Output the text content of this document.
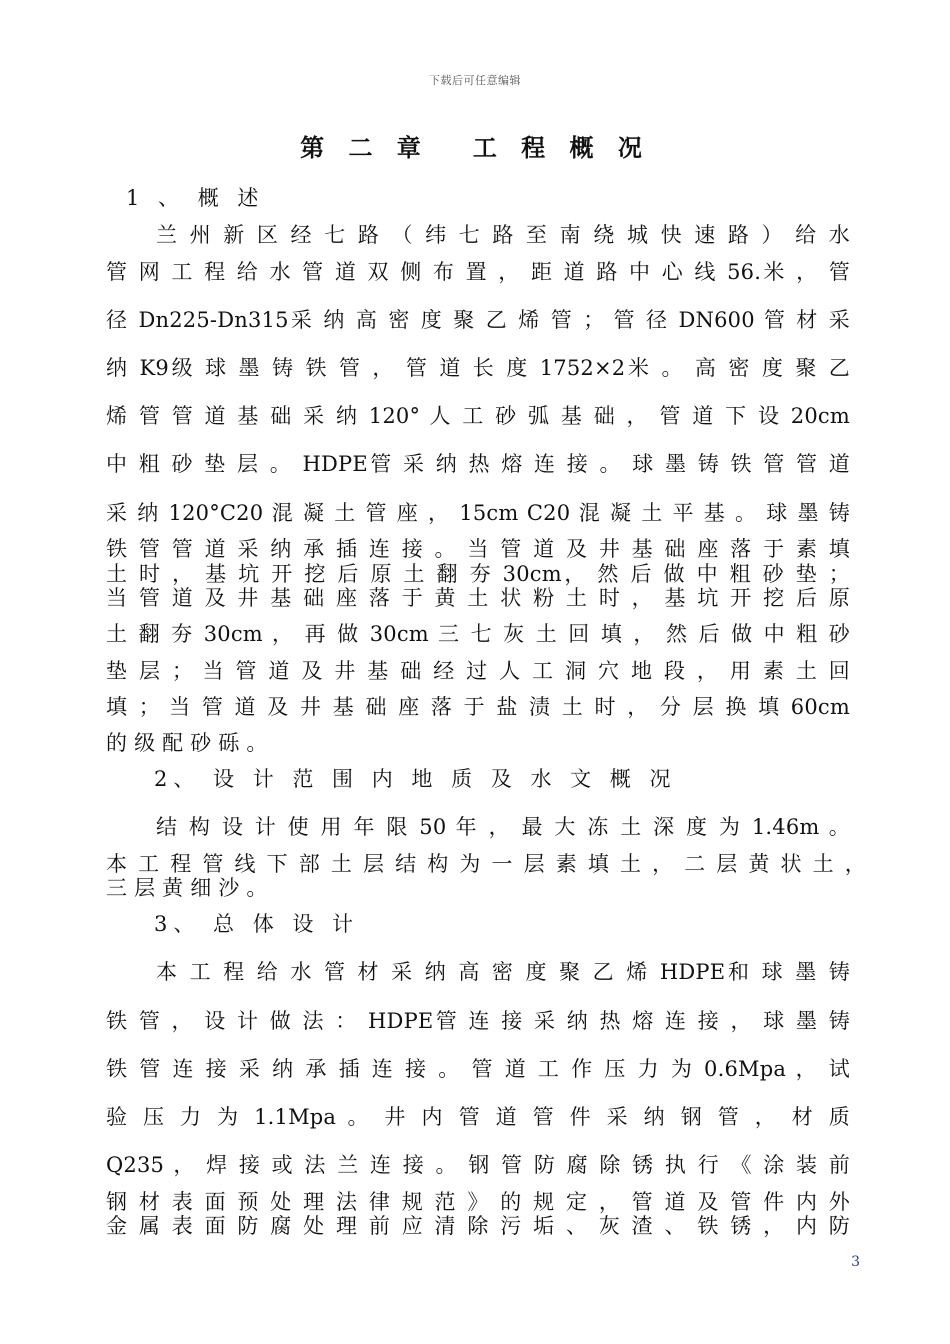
下载后可任意编辑
第 二 章 工 程 概 况
1 、 概 述
兰 州 新 区 经 七 路 （ 纬 七 路 至 南 绕 城 快 速 路 ） 给 水
管 网 工 程 给 水 管 道 双 侧 布 置 ， 距 道 路 中 心 线 56.米 ， 管
径 Dn225-Dn315采 纳 高 密 度 聚 乙 烯 管 ； 管 径 DN600 管 材 采
纳 K9级 球 墨 铸 铁 管 ， 管 道 长 度 1752×2米 。 高 密 度 聚 乙
烯 管 管 道 基 础 采 纳 120° 人 工 砂 弧 基 础 ， 管 道 下 设 20cm
中 粗 砂 垫 层 。 HDPE管 采 纳 热 熔 连 接 。 球 墨 铸 铁 管 管 道
采 纳 120°C20 混 凝 土 管 座 ， 15cm C20 混 凝 土 平 基 。 球 墨 铸
铁 管 管 道 采 纳 承 插 连 接 。 当 管 道 及 井 基 础 座 落 于 素 填
土 时 ， 基 坑 开 挖 后 原 土 翻 夯 30cm， 然 后 做 中 粗 砂 垫 ；
当 管 道 及 井 基 础 座 落 于 黄 土 状 粉 土 时 ， 基 坑 开 挖 后 原
土 翻 夯 30cm ， 再 做 30cm 三 七 灰 土 回 填 ， 然 后 做 中 粗 砂
垫 层 ； 当 管 道 及 井 基 础 经 过 人 工 洞 穴 地 段 ， 用 素 土 回
填 ； 当 管 道 及 井 基 础 座 落 于 盐 渍 土 时 ， 分 层 换 填 60cm
的 级 配 砂 砾 。
2、 设 计 范 围 内 地 质 及 水 文 概 况
结 构 设 计 使 用 年 限 50 年 ， 最 大 冻 土 深 度 为 1.46m 。
本 工 程 管 线 下 部 土 层 结 构 为 一 层 素 填 土 ， 二 层 黄 状 土 ，
三 层 黄 细 沙 。
3、 总 体 设 计
本 工 程 给 水 管 材 采 纳 高 密 度 聚 乙 烯 HDPE和 球 墨 铸
铁 管 ， 设 计 做 法 ： HDPE管 连 接 采 纳 热 熔 连 接 ， 球 墨 铸
铁 管 连 接 采 纳 承 插 连 接 。 管 道 工 作 压 力 为 0.6Mpa ， 试
验 压 力 为 1.1Mpa 。 井 内 管 道 管 件 采 纳 钢 管 ， 材 质
Q235 ， 焊 接 或 法 兰 连 接 。 钢 管 防 腐 除 锈 执 行 《 涂 装 前
钢 材 表 面 预 处 理 法 律 规 范 》 的 规 定 ， 管 道 及 管 件 内 外
金 属 表 面 防 腐 处 理 前 应 清 除 污 垢 、 灰 渣 、 铁 锈 ， 内 防
3
